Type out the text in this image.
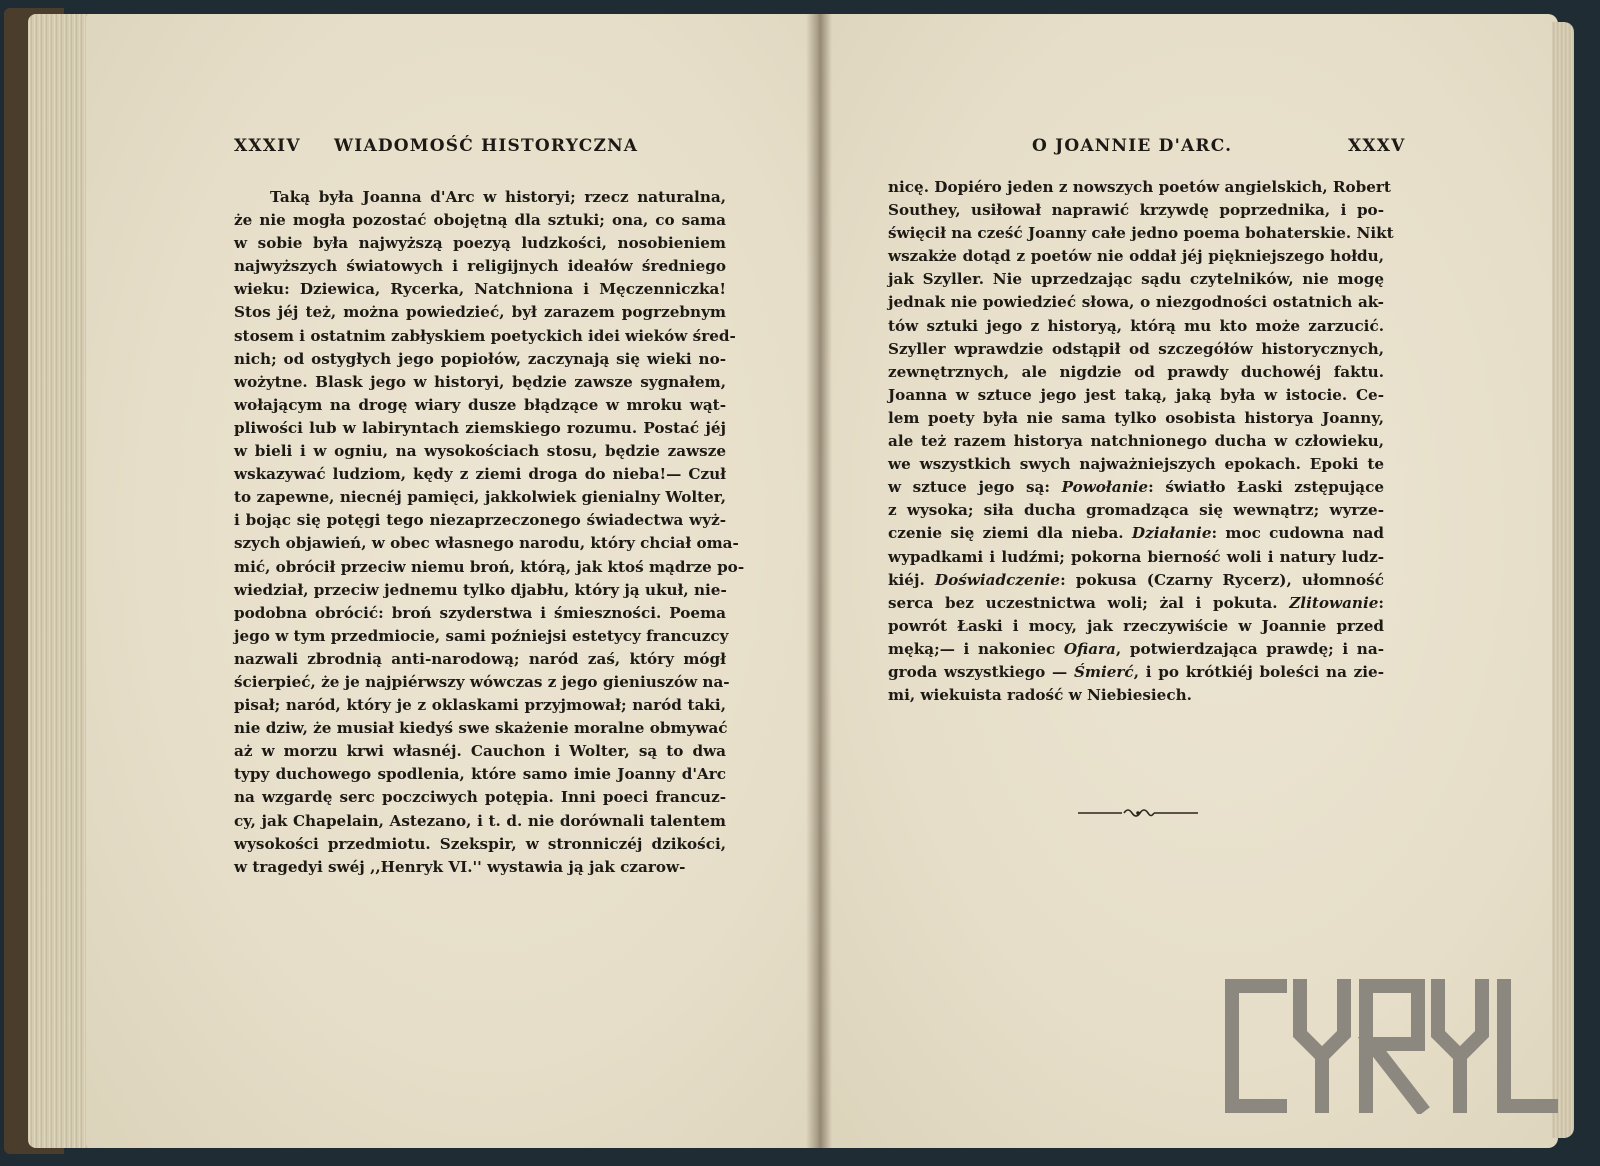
XXXIV WIADOMOŚĆ HISTORYCZNA
Taką była Joanna d'Arc w historyi; rzecz naturalna,
że nie mogła pozostać obojętną dla sztuki; ona, co sama
w sobie była najwyższą poezyą ludzkości, nosobieniem
najwyższych światowych i religijnych ideałów średniego
wieku: Dziewica, Rycerka, Natchniona i Męczenniczka!
Stos jéj też, można powiedzieć, był zarazem pogrzebnym
stosem i ostatnim zabłyskiem poetyckich idei wieków śred-
nich; od ostygłych jego popiołów, zaczynają się wieki no-
wożytne. Blask jego w historyi, będzie zawsze sygnałem,
wołającym na drogę wiary dusze błądzące w mroku wąt-
pliwości lub w labiryntach ziemskiego rozumu. Postać jéj
w bieli i w ogniu, na wysokościach stosu, będzie zawsze
wskazywać ludziom, kędy z ziemi droga do nieba!— Czuł
to zapewne, niecnéj pamięci, jakkolwiek gienialny Wolter,
i bojąc się potęgi tego niezaprzeczonego świadectwa wyż-
szych objawień, w obec własnego narodu, który chciał oma-
mić, obrócił przeciw niemu broń, którą, jak ktoś mądrze po-
wiedział, przeciw jednemu tylko djabłu, który ją ukuł, nie-
podobna obrócić: broń szyderstwa i śmieszności. Poema
jego w tym przedmiocie, sami poźniejsi estetycy francuzcy
nazwali zbrodnią anti-narodową; naród zaś, który mógł
ścierpieć, że je najpiérwszy wówczas z jego gieniuszów na-
pisał; naród, który je z oklaskami przyjmował; naród taki,
nie dziw, że musiał kiedyś swe skażenie moralne obmywać
aż w morzu krwi własnéj. Cauchon i Wolter, są to dwa
typy duchowego spodlenia, które samo imie Joanny d'Arc
na wzgardę serc poczciwych potępia. Inni poeci francuz-
cy, jak Chapelain, Astezano, i t. d. nie dorównali talentem
wysokości przedmiotu. Szekspir, w stronniczéj dzikości,
w tragedyi swéj ,,Henryk VI.'' wystawia ją jak czarow-
O JOANNIE D'ARC.	XXXV
nicę. Dopiéro jeden z nowszych poetów angielskich, Robert
Southey, usiłował naprawić krzywdę poprzednika, i po-
święcił na cześć Joanny całe jedno poema bohaterskie. Nikt
wszakże dotąd z poetów nie oddał jéj piękniejszego hołdu,
jak Szyller. Nie uprzedzając sądu czytelników, nie mogę
jednak nie powiedzieć słowa, o niezgodności ostatnich ak-
tów sztuki jego z historyą, którą mu kto może zarzucić.
Szyller wprawdzie odstąpił od szczegółów historycznych,
zewnętrznych, ale nigdzie od prawdy duchowéj faktu.
Joanna w sztuce jego jest taką, jaką była w istocie. Ce-
lem poety była nie sama tylko osobista historya Joanny,
ale też razem historya natchnionego ducha w człowieku,
we wszystkich swych najważniejszych epokach. Epoki te
w sztuce jego są: Powołanie: światło Łaski zstępujące
z wysoka; siła ducha gromadząca się wewnątrz; wyrze-
czenie się ziemi dla nieba. Działanie: moc cudowna nad
wypadkami i ludźmi; pokorna bierność woli i natury ludz-
kiéj. Doświadczenie: pokusa (Czarny Rycerz), ułomność
serca bez uczestnictwa woli; żal i pokuta. Zlitowanie:
powrót Łaski i mocy, jak rzeczywiście w Joannie przed
męką;— i nakoniec Ofiara, potwierdzająca prawdę; i na-
groda wszystkiego — Śmierć, i po krótkiéj boleści na zie-
mi, wiekuista radość w Niebiesiech.
